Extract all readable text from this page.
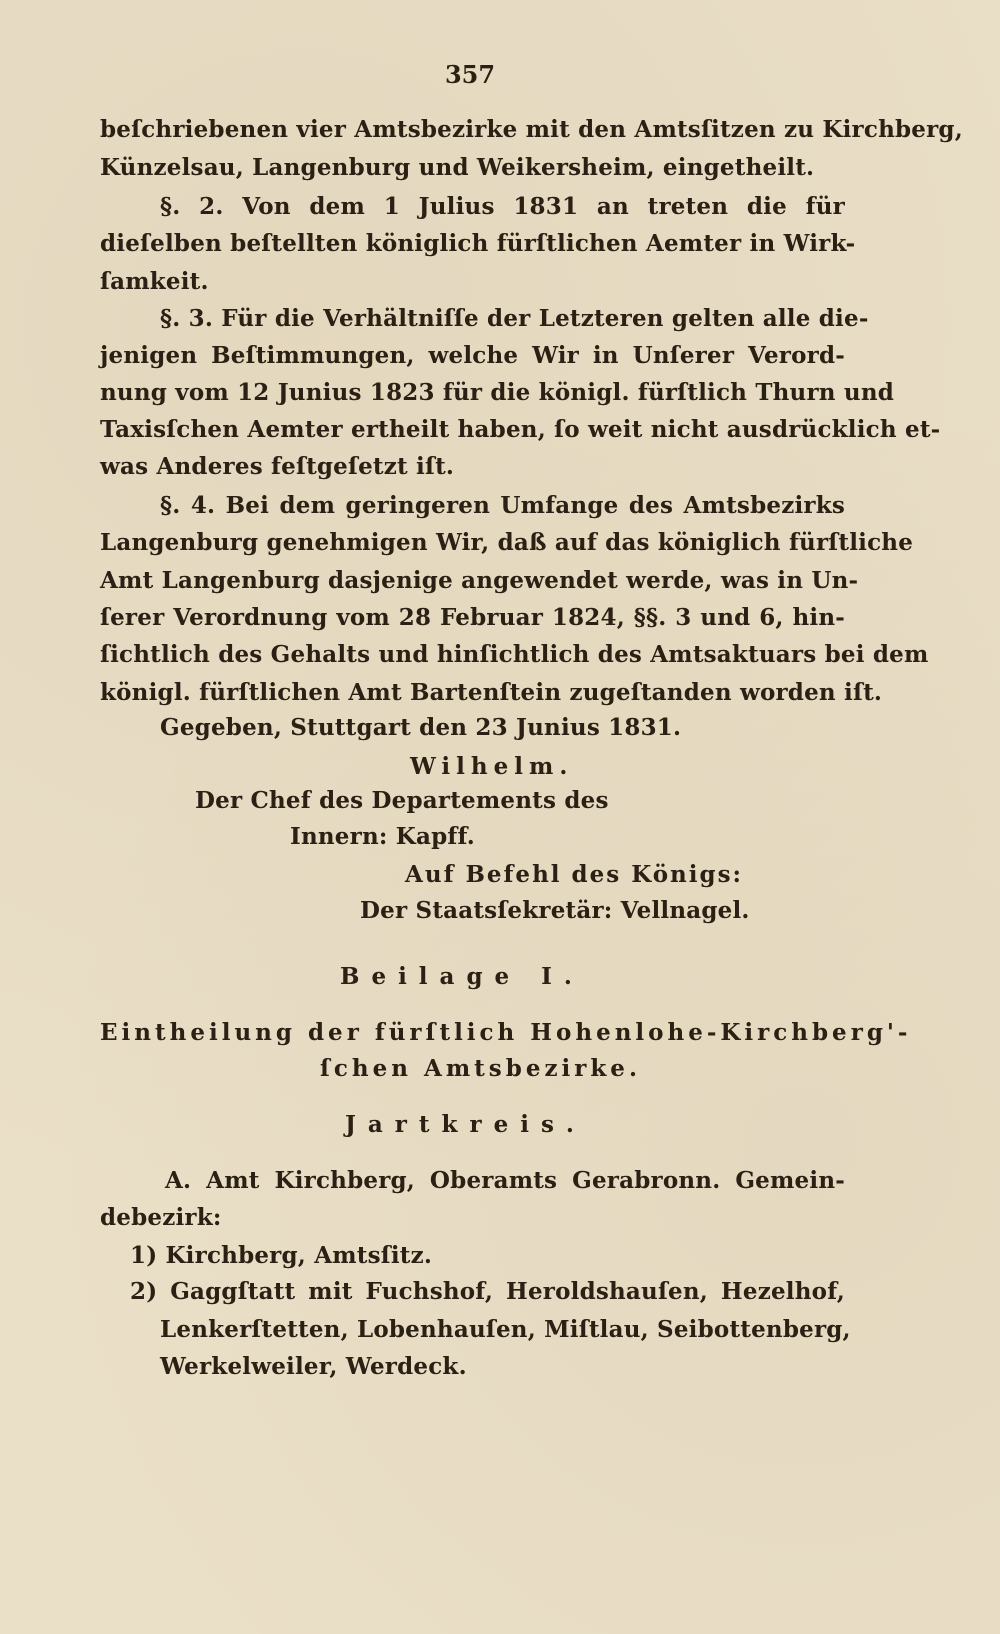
357

beſchriebenen vier Amtsbezirke mit den Amtsſitzen zu Kirchberg,

Künzelsau, Langenburg und Weikersheim, eingetheilt.

§. 2. Von dem 1 Julius 1831 an treten die für

dieſelben beſtellten königlich fürſtlichen Aemter in Wirk-

ſamkeit.

§. 3. Für die Verhältniſſe der Letzteren gelten alle die-

jenigen Beſtimmungen, welche Wir in Unſerer Verord-

nung vom 12 Junius 1823 für die königl. fürſtlich Thurn und

Taxisſchen Aemter ertheilt haben, ſo weit nicht ausdrücklich et-

was Anderes feſtgeſetzt iſt.

§. 4. Bei dem geringeren Umfange des Amtsbezirks

Langenburg genehmigen Wir, daß auf das königlich fürſtliche

Amt Langenburg dasjenige angewendet werde, was in Un-

ſerer Verordnung vom 28 Februar 1824, §§. 3 und 6, hin-

ſichtlich des Gehalts und hinſichtlich des Amtsaktuars bei dem

königl. fürſtlichen Amt Bartenſtein zugeſtanden worden iſt.

Gegeben, Stuttgart den 23 Junius 1831.

Wilhelm.

Der Chef des Departements des

Innern: Kapff.

Auf Befehl des Königs:

Der Staatsſekretär: Vellnagel.

Beilage I.

Eintheilung der fürſtlich Hohenlohe-Kirchberg'-

ſchen Amtsbezirke.

Jartkreis.

A. Amt Kirchberg, Oberamts Gerabronn. Gemein-

debezirk:

1) Kirchberg, Amtsſitz.

2) Gaggſtatt mit Fuchshof, Heroldshauſen, Hezelhof,

Lenkerſtetten, Lobenhauſen, Miſtlau, Seibottenberg,

Werkelweiler, Werdeck.
